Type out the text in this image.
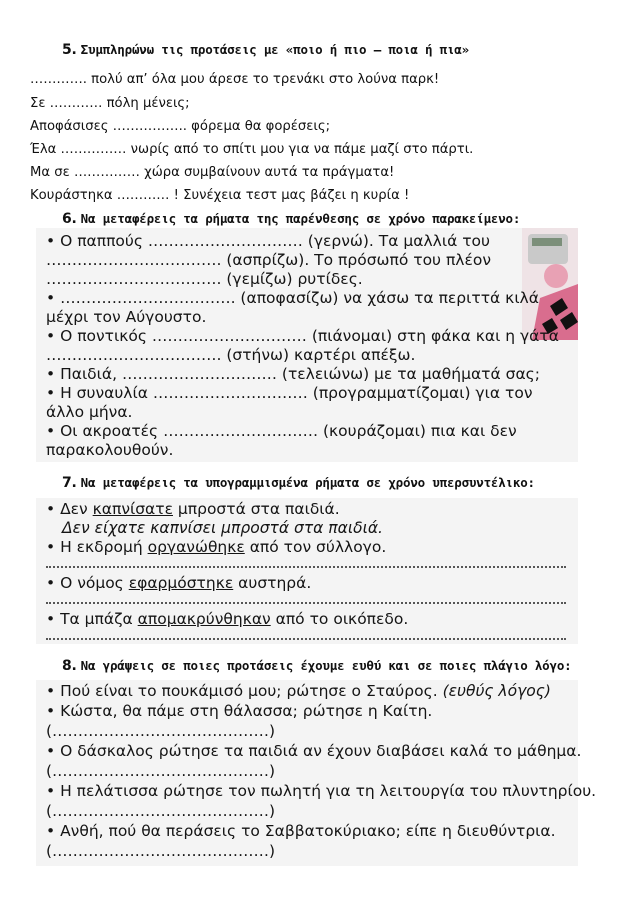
5. Συμπληρώνω τις προτάσεις με «ποιο ή πιο – ποια ή πια»
…………. πολύ απ’ όλα μου άρεσε το τρενάκι στο λούνα παρκ!
Σε ………… πόλη μένεις;
Αποφάσισες …………….. φόρεμα θα φορέσεις;
Έλα …………… νωρίς από το σπίτι μου για να πάμε μαζί στο πάρτι.
Μα σε …………… χώρα συμβαίνουν αυτά τα πράγματα!
Κουράστηκα ………… ! Συνέχεια τεστ μας βάζει η κυρία !
6. Να μεταφέρεις τα ρήματα της παρένθεσης σε χρόνο παρακείμενο:
• Ο παππούς ………………………… (γερνώ). Τα μαλλιά του
……………………………. (ασπρίζω). Το πρόσωπό του πλέον
……………………………. (γεμίζω) ρυτίδες.
• ……………………………. (αποφασίζω) να χάσω τα περιττά κιλά
μέχρι τον Αύγουστο.
• Ο ποντικός ………………………… (πιάνομαι) στη φάκα και η γάτα
……………………………. (στήνω) καρτέρι απέξω.
• Παιδιά, ………………………… (τελειώνω) με τα μαθήματά σας;
• Η συναυλία ………………………… (προγραμματίζομαι) για τον
άλλο μήνα.
• Οι ακροατές ………………………… (κουράζομαι) πια και δεν
παρακολουθούν.
7. Να μεταφέρεις τα υπογραμμισμένα ρήματα σε χρόνο υπερσυντέλικο:
• Δεν καπνίσατε μπροστά στα παιδιά.
Δεν είχατε καπνίσει μπροστά στα παιδιά.
• Η εκδρομή οργανώθηκε από τον σύλλογο.
• Ο νόμος εφαρμόστηκε αυστηρά.
• Τα μπάζα απομακρύνθηκαν από το οικόπεδο.
8. Να γράψεις σε ποιες προτάσεις έχουμε ευθύ και σε ποιες πλάγιο λόγο:
• Πού είναι το πουκάμισό μου; ρώτησε ο Σταύρος. (ευθύς λόγος)
• Κώστα, θα πάμε στη θάλασσα; ρώτησε η Καίτη.
(……………………………………)
• Ο δάσκαλος ρώτησε τα παιδιά αν έχουν διαβάσει καλά το μάθημα.
(……………………………………)
• Η πελάτισσα ρώτησε τον πωλητή για τη λειτουργία του πλυντηρίου.
(……………………………………)
• Ανθή, πού θα περάσεις το Σαββατοκύριακο; είπε η διευθύντρια.
(……………………………………)
